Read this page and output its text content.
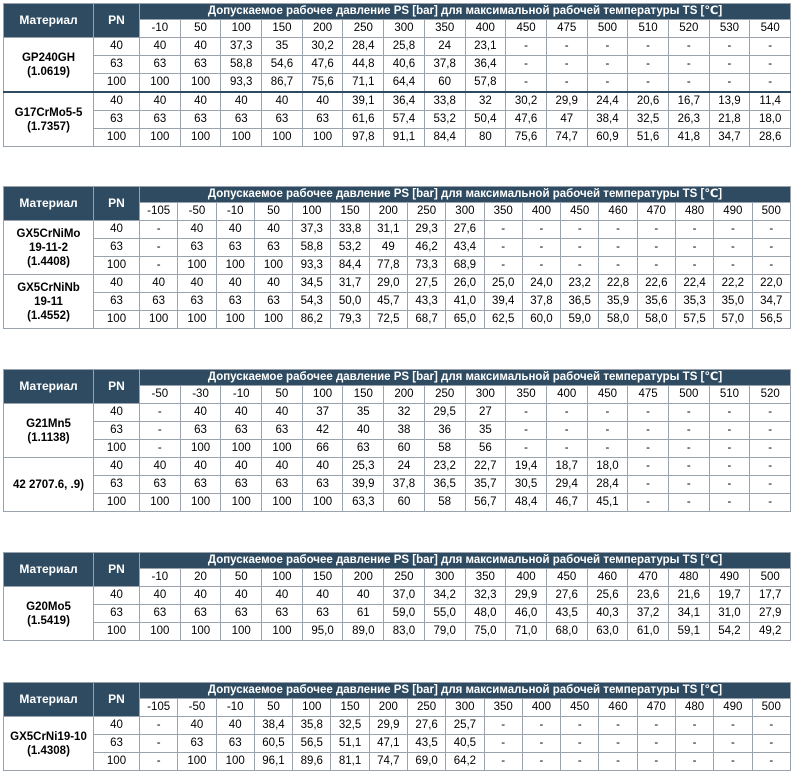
Материал	PN	Допускаемое рабочее давление PS [bar] для максимальной рабочей температуры TS [℃]															
		-10	50	100	150	200	250	300	350	400	450	475	500	510	520	530	540

GP240GH
(1.0619)	40	40	40	37,3	35	30,2	28,4	25,8	24	23,1	-	-	-	-	-	-	-
	63	63	63	58,8	54,6	47,6	44,8	40,6	37,8	36,4	-	-	-	-	-	-	-
	100	100	100	93,3	86,7	75,6	71,1	64,4	60	57,8	-	-	-	-	-	-	-

G17CrMo5-5
(1.7357)	40	40	40	40	40	40	39,1	36,4	33,8	32	30,2	29,9	24,4	20,6	16,7	13,9	11,4
	63	63	63	63	63	63	61,6	57,4	53,2	50,4	47,6	47	38,4	32,5	26,3	21,8	18,0
	100	100	100	100	100	100	97,8	91,1	84,4	80	75,6	74,7	60,9	51,6	41,8	34,7	28,6
Материал	PN	Допускаемое рабочее давление PS [bar] для максимальной рабочей температуры TS [℃]																
		-105	-50	-10	50	100	150	200	250	300	350	400	450	460	470	480	490	500

GX5CrNiMo
19-11-2
(1.4408)	40	-	40	40	40	37,3	33,8	31,1	29,3	27,6	-	-	-	-	-	-	-	-
	63	-	63	63	63	58,8	53,2	49	46,2	43,4	-	-	-	-	-	-	-	-
	100	-	100	100	100	93,3	84,4	77,8	73,3	68,9	-	-	-	-	-	-	-	-

GX5CrNiNb
19-11
(1.4552)	40	40	40	40	40	34,5	31,7	29,0	27,5	26,0	25,0	24,0	23,2	22,8	22,6	22,4	22,2	22,0
	63	63	63	63	63	54,3	50,0	45,7	43,3	41,0	39,4	37,8	36,5	35,9	35,6	35,3	35,0	34,7
	100	100	100	100	100	86,2	79,3	72,5	68,7	65,0	62,5	60,0	59,0	58,0	58,0	57,5	57,0	56,5
Материал	PN	Допускаемое рабочее давление PS [bar] для максимальной рабочей температуры TS [℃]															
		-50	-30	-10	50	100	150	200	250	300	350	400	450	475	500	510	520

G21Mn5
(1.1138)	40	-	40	40	40	37	35	32	29,5	27	-	-	-	-	-	-	-
	63	-	63	63	63	42	40	38	36	35	-	-	-	-	-	-	-
	100	-	100	100	100	66	63	60	58	56	-	-	-	-	-	-	-

42 2707.6, .9)	40	40	40	40	40	40	25,3	24	23,2	22,7	19,4	18,7	18,0	-	-	-	-
	63	63	63	63	63	63	39,9	37,8	36,5	35,7	30,5	29,4	28,4	-	-	-	-
	100	100	100	100	100	100	63,3	60	58	56,7	48,4	46,7	45,1	-	-	-	-
Материал	PN	Допускаемое рабочее давление PS [bar] для максимальной рабочей температуры TS [℃]															
		-10	20	50	100	150	200	250	300	350	400	450	460	470	480	490	500

G20Mo5
(1.5419)	40	40	40	40	40	40	40	37,0	34,2	32,3	29,9	27,6	25,6	23,6	21,6	19,7	17,7
	63	63	63	63	63	63	61	59,0	55,0	48,0	46,0	43,5	40,3	37,2	34,1	31,0	27,9
	100	100	100	100	100	95,0	89,0	83,0	79,0	75,0	71,0	68,0	63,0	61,0	59,1	54,2	49,2
Материал	PN	Допускаемое рабочее давление PS [bar] для максимальной рабочей температуры TS [℃]																
		-105	-50	-10	50	100	150	200	250	300	350	400	450	460	470	480	490	500

GX5CrNi19-10
(1.4308)	40	-	40	40	38,4	35,8	32,5	29,9	27,6	25,7	-	-	-	-	-	-	-	-
	63	-	63	63	60,5	56,5	51,1	47,1	43,5	40,5	-	-	-	-	-	-	-	-
	100	-	100	100	96,1	89,6	81,1	74,7	69,0	64,2	-	-	-	-	-	-	-	-
